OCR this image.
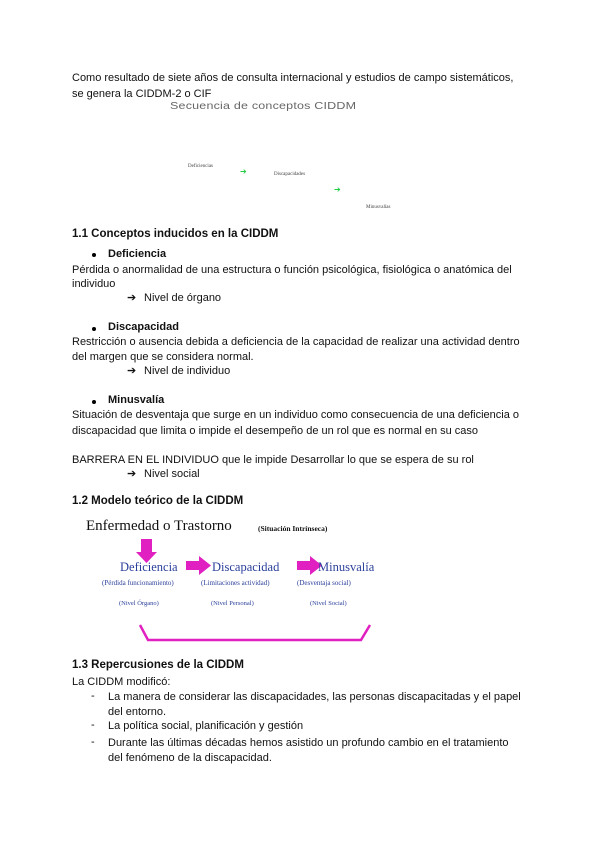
Como resultado de siete años de consulta internacional y estudios de campo sistemáticos,
se genera la CIDDM-2 o CIF
Secuencia de conceptos CIDDM
Deficiencias
➔	Discapacidades
➔
Minusvalías
1.1 Conceptos inducidos en la CIDDM
Deficiencia
Pérdida o anormalidad de una estructura o función psicológica, fisiológica o anatómica del
individuo
➔ Nivel de órgano
Discapacidad
Restricción o ausencia debida a deficiencia de la capacidad de realizar una actividad dentro
del margen que se considera normal.
➔ Nivel de individuo
Minusvalía
Situación de desventaja que surge en un individuo como consecuencia de una deficiencia o
discapacidad que limita o impide el desempeño de un rol que es normal en su caso
BARRERA EN EL INDIVIDUO que le impide Desarrollar lo que se espera de su rol
➔ Nivel social
1.2 Modelo teórico de la CIDDM
Enfermedad o Trastorno	(Situación Intrínseca)
Deficiencia	Discapacidad	Minusvalía
(Pérdida funcionamiento)	(Limitaciones actividad)	(Desventaja social)
(Nivel Órgano)	(Nivel Personal)	(Nivel Social)
1.3 Repercusiones de la CIDDM
La CIDDM modificó:
- La manera de considerar las discapacidades, las personas discapacitadas y el papel
del entorno.
- La política social, planificación y gestión
- Durante las últimas décadas hemos asistido un profundo cambio en el tratamiento
del fenómeno de la discapacidad.
